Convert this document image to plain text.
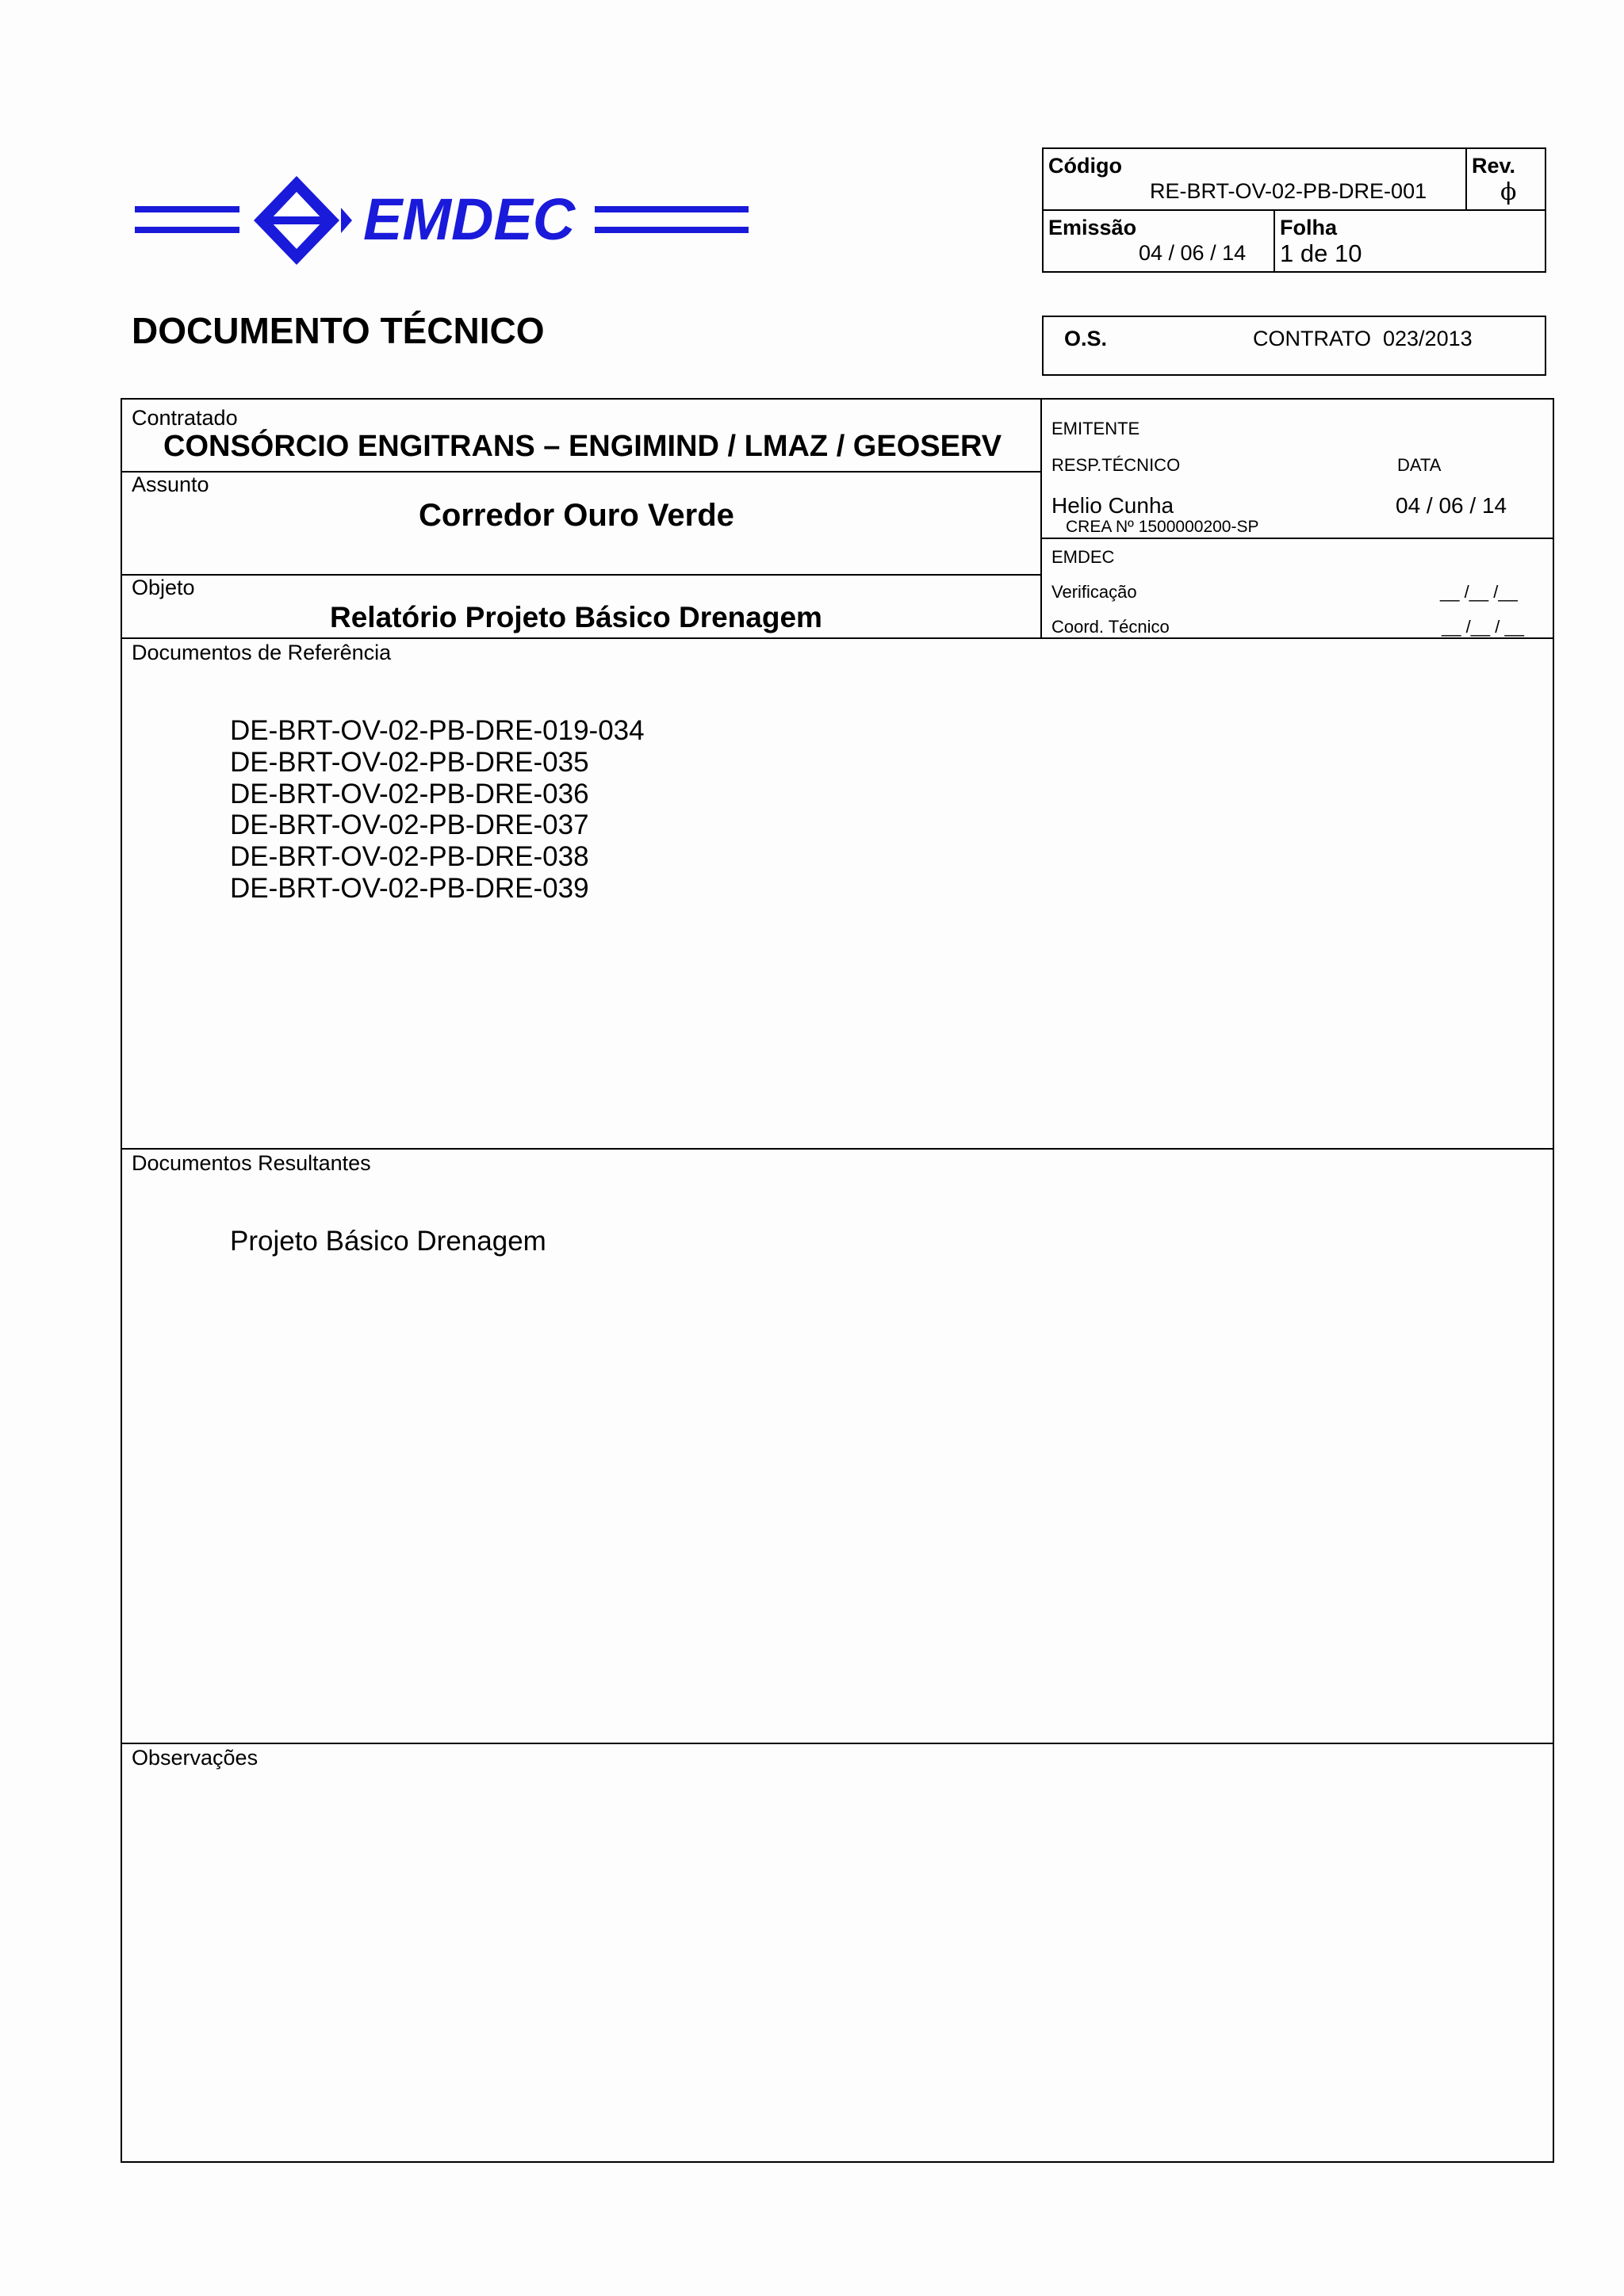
EMDEC
DOCUMENTO TÉCNICO
Código
RE-BRT-OV-02-PB-DRE-001
Rev.
ϕ
Emissão
04 / 06 / 14
Folha
1 de 10
O.S.	CONTRATO  023/2013
Contratado
CONSÓRCIO ENGITRANS – ENGIMIND / LMAZ / GEOSERV
Assunto
Corredor Ouro Verde
Objeto
Relatório Projeto Básico Drenagem
EMITENTE
RESP.TÉCNICO	DATA
Helio Cunha	04 / 06 / 14
CREA Nº 1500000200-SP
EMDEC
Verificação	__ /__ /__
Coord. Técnico	__ /__ / __
Documentos de Referência
DE-BRT-OV-02-PB-DRE-019-034
DE-BRT-OV-02-PB-DRE-035
DE-BRT-OV-02-PB-DRE-036
DE-BRT-OV-02-PB-DRE-037
DE-BRT-OV-02-PB-DRE-038
DE-BRT-OV-02-PB-DRE-039
Documentos Resultantes
Projeto Básico Drenagem
Observações
